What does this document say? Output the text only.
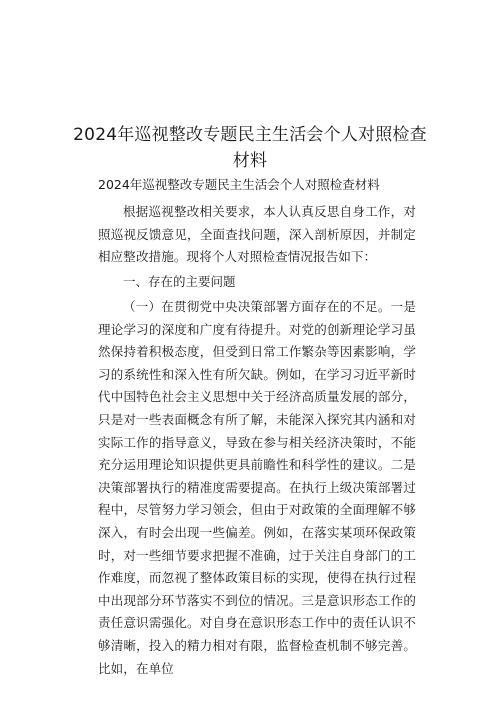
2024年巡视整改专题民主生活会个人对照检查材料

2024年巡视整改专题民主生活会个人对照检查材料

根据巡视整改相关要求，本人认真反思自身工作，对照巡视反馈意见，全面查找问题，深入剖析原因，并制定相应整改措施。现将个人对照检查情况报告如下：

一、存在的主要问题

（一）在贯彻党中央决策部署方面存在的不足。一是理论学习的深度和广度有待提升。对党的创新理论学习虽然保持着积极态度，但受到日常工作繁杂等因素影响，学习的系统性和深入性有所欠缺。例如，在学习习近平新时代中国特色社会主义思想中关于经济高质量发展的部分，只是对一些表面概念有所了解，未能深入探究其内涵和对实际工作的指导意义，导致在参与相关经济决策时，不能充分运用理论知识提供更具前瞻性和科学性的建议。二是决策部署执行的精准度需要提高。在执行上级决策部署过程中，尽管努力学习领会，但由于对政策的全面理解不够深入，有时会出现一些偏差。例如，在落实某项环保政策时，对一些细节要求把握不准确，过于关注自身部门的工作难度，而忽视了整体政策目标的实现，使得在执行过程中出现部分环节落实不到位的情况。三是意识形态工作的责任意识需强化。对自身在意识形态工作中的责任认识不够清晰，投入的精力相对有限，监督检查机制不够完善。比如，在单位
